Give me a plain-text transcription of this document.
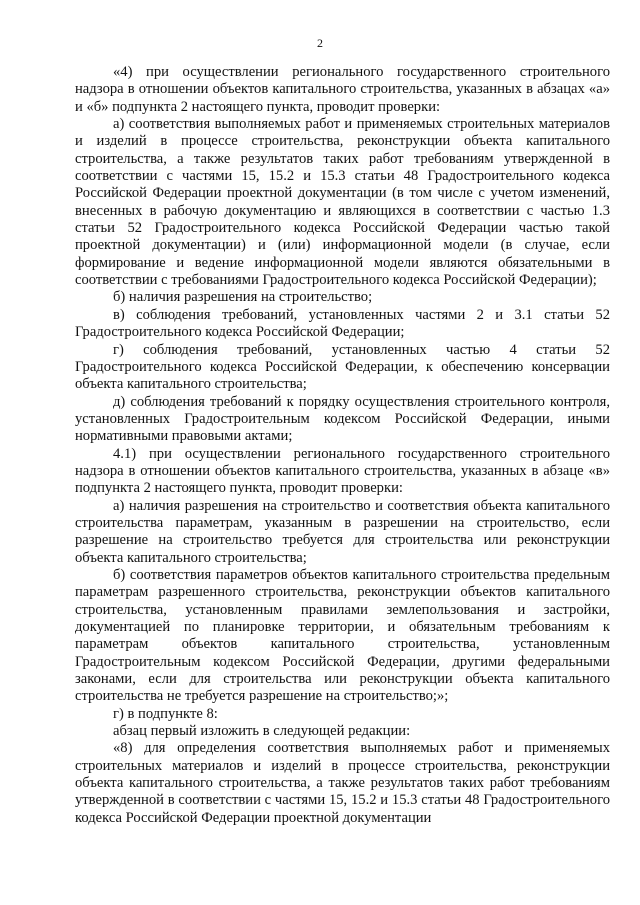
2

«4) при осуществлении регионального государственного строительного надзора в отношении объектов капитального строительства, указанных в абзацах «а» и «б» подпункта 2 настоящего пункта, проводит проверки:

а) соответствия выполняемых работ и применяемых строительных материалов и изделий в процессе строительства, реконструкции объекта капитального строительства, а также результатов таких работ требованиям утвержденной в соответствии с частями 15, 15.2 и 15.3 статьи 48 Градостроительного кодекса Российской Федерации проектной документации (в том числе с учетом изменений, внесенных в рабочую документацию и являющихся в соответствии с частью 1.3 статьи 52 Градостроительного кодекса Российской Федерации частью такой проектной документации) и (или) информационной модели (в случае, если формирование и ведение информационной модели являются обязательными в соответствии с требованиями Градостроительного кодекса Российской Федерации);

б) наличия разрешения на строительство;

в) соблюдения требований, установленных частями 2 и 3.1 статьи 52 Градостроительного кодекса Российской Федерации;

г) соблюдения требований, установленных частью 4 статьи 52 Градостроительного кодекса Российской Федерации, к обеспечению консервации объекта капитального строительства;

д) соблюдения требований к порядку осуществления строительного контроля, установленных Градостроительным кодексом Российской Федерации, иными нормативными правовыми актами;

4.1) при осуществлении регионального государственного строительного надзора в отношении объектов капитального строительства, указанных в абзаце «в» подпункта 2 настоящего пункта, проводит проверки:

а) наличия разрешения на строительство и соответствия объекта капитального строительства параметрам, указанным в разрешении на строительство, если разрешение на строительство требуется для строительства или реконструкции объекта капитального строительства;

б) соответствия параметров объектов капитального строительства предельным параметрам разрешенного строительства, реконструкции объектов капитального строительства, установленным правилами землепользования и застройки, документацией по планировке территории, и обязательным требованиям к параметрам объектов капитального строительства, установленным Градостроительным кодексом Российской Федерации, другими федеральными законами, если для строительства или реконструкции объекта капитального строительства не требуется разрешение на строительство;»;

г) в подпункте 8:

абзац первый изложить в следующей редакции:

«8) для определения соответствия выполняемых работ и применяемых строительных материалов и изделий в процессе строительства, реконструкции объекта капитального строительства, а также результатов таких работ требованиям утвержденной в соответствии с частями 15, 15.2 и 15.3 статьи 48 Градостроительного кодекса Российской Федерации проектной документации
